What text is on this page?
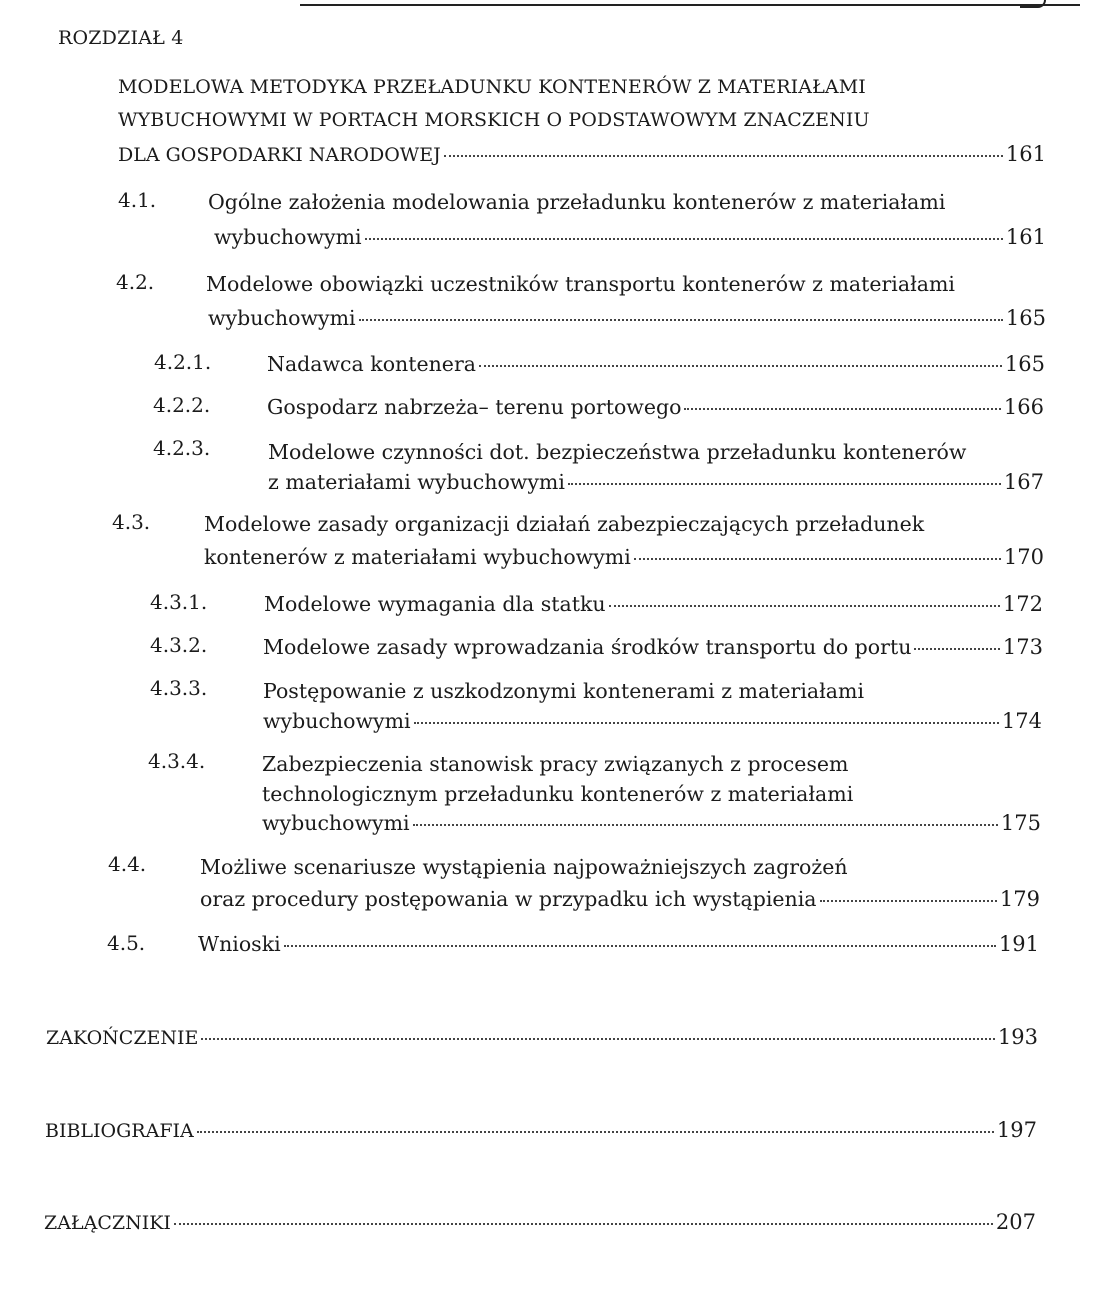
ROZDZIAŁ 4
MODELOWA METODYKA PRZEŁADUNKU KONTENERÓW Z MATERIAŁAMI
WYBUCHOWYMI W PORTACH MORSKICH O PODSTAWOWYM ZNACZENIU
DLA GOSPODARKI NARODOWEJ	161
4.1.	Ogólne założenia modelowania przeładunku kontenerów z materiałami
wybuchowymi	161
4.2.	Modelowe obowiązki uczestników transportu kontenerów z materiałami
wybuchowymi	165
4.2.1.	Nadawca kontenera	165
4.2.2.	Gospodarz nabrzeża– terenu portowego	166
4.2.3.	Modelowe czynności dot. bezpieczeństwa przeładunku kontenerów
z materiałami wybuchowymi	167
4.3.	Modelowe zasady organizacji działań zabezpieczających przeładunek
kontenerów z materiałami wybuchowymi	170
4.3.1.	Modelowe wymagania dla statku	172
4.3.2.	Modelowe zasady wprowadzania środków transportu do portu	173
4.3.3.	Postępowanie z uszkodzonymi kontenerami z materiałami
wybuchowymi	174
4.3.4.	Zabezpieczenia stanowisk pracy związanych z procesem
technologicznym przeładunku kontenerów z materiałami
wybuchowymi	175
4.4.	Możliwe scenariusze wystąpienia najpoważniejszych zagrożeń
oraz procedury postępowania w przypadku ich wystąpienia	179
4.5.	Wnioski	191
ZAKOŃCZENIE	193
BIBLIOGRAFIA	197
ZAŁĄCZNIKI	207
